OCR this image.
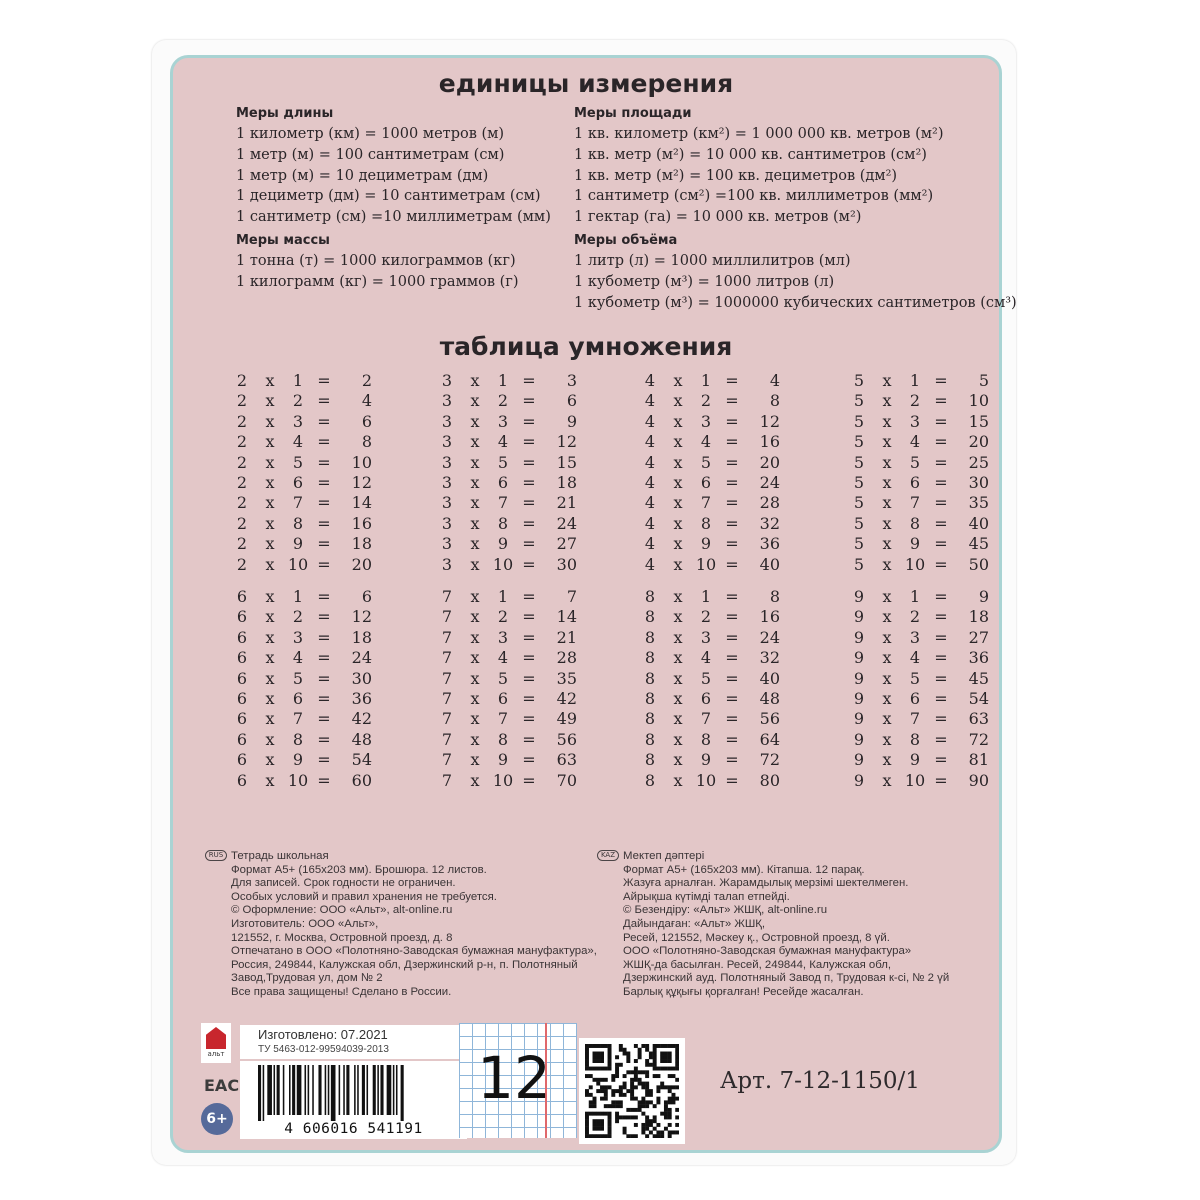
единицы измерения
Меры длины
1 километр (км) = 1000 метров (м)
1 метр (м) = 100 сантиметрам (см)
1 метр (м) = 10 дециметрам (дм)
1 дециметр (дм) = 10 сантиметрам (см)
1 сантиметр (см) =10 миллиметрам (мм)
Меры площади
1 кв. километр (км²) = 1 000 000 кв. метров (м²)
1 кв. метр (м²) = 10 000 кв. сантиметров (см²)
1 кв. метр (м²) = 100 кв. дециметров (дм²)
1 сантиметр (см²) =100 кв. миллиметров (мм²)
1 гектар (га) = 10 000 кв. метров (м²)
Меры массы
1 тонна (т) = 1000 килограммов (кг)
1 килограмм (кг) = 1000 граммов (г)
Меры объёма
1 литр (л) = 1000 миллилитров (мл)
1 кубометр (м³) = 1000 литров (л)
1 кубометр (м³) = 1000000 кубических сантиметров (см³)
таблица умножения
2 x	1 =	2
2 x	2 =	4
2 x	3 =	6
2 x	4 =	8
2 x	5 =	10
2 x	6 =	12
2 x	7 =	14
2 x	8 =	16
2 x	9 =	18
2 x 10 =	20
3 x	1 =	3
3 x	2 =	6
3 x	3 =	9
3 x	4 =	12
3 x	5 =	15
3 x	6 =	18
3 x	7 =	21
3 x	8 =	24
3 x	9 =	27
3 x 10 =	30
4 x	1 =	4
4 x	2 =	8
4 x	3 =	12
4 x	4 =	16
4 x	5 =	20
4 x	6 =	24
4 x	7 =	28
4 x	8 =	32
4 x	9 =	36
4 x 10 =	40
5 x	1 =	5
5 x	2 =	10
5 x	3 =	15
5 x	4 =	20
5 x	5 =	25
5 x	6 =	30
5 x	7 =	35
5 x	8 =	40
5 x	9 =	45
5 x 10 =	50
6 x	1 =	6
6 x	2 =	12
6 x	3 =	18
6 x	4 =	24
6 x	5 =	30
6 x	6 =	36
6 x	7 =	42
6 x	8 =	48
6 x	9 =	54
6 x 10 =	60
7 x	1 =	7
7 x	2 =	14
7 x	3 =	21
7 x	4 =	28
7 x	5 =	35
7 x	6 =	42
7 x	7 =	49
7 x	8 =	56
7 x	9 =	63
7 x 10 =	70
8 x	1 =	8
8 x	2 =	16
8 x	3 =	24
8 x	4 =	32
8 x	5 =	40
8 x	6 =	48
8 x	7 =	56
8 x	8 =	64
8 x	9 =	72
8 x 10 =	80
9 x	1 =	9
9 x	2 =	18
9 x	3 =	27
9 x	4 =	36
9 x	5 =	45
9 x	6 =	54
9 x	7 =	63
9 x	8 =	72
9 x	9 =	81
9 x 10 =	90
RUS Тетрадь школьная
Формат А5+ (165х203 мм). Брошюра. 12 листов.
Для записей. Срок годности не ограничен.
Особых условий и правил хранения не требуется.
© Оформление: ООО «Альт», alt-online.ru
Изготовитель: ООО «Альт»,
121552, г. Москва, Островной проезд, д. 8
Отпечатано в ООО «Полотняно-Заводская бумажная мануфактура»,
Россия, 249844, Калужская обл, Дзержинский р-н, п. Полотняный
Завод,Трудовая ул, дом № 2
Все права защищены! Сделано в России.
KAZ Мектеп дәптері
Формат А5+ (165х203 мм). Кітапша. 12 парақ.
Жазуға арналған. Жарамдылық мерзімі шектелмеген.
Айрықша күтімді талап етпейді.
© Безендіру: «Альт» ЖШҚ, alt-online.ru
Дайындаған: «Альт» ЖШҚ,
Ресей, 121552, Мәскеу қ., Островной проезд, 8 үй.
ООО «Полотняно-Заводская бумажная мануфактура»
ЖШҚ-да басылған. Ресей, 249844, Калужская обл,
Дзержинский ауд. Полотняный Завод п, Трудовая к-сі, № 2 үй
Барлық құқығы қорғалған! Ресейде жасалған.
альт
ЕАС
6+
Изготовлено: 07.2021
ТУ 5463-012-99594039-2013
4 606016 541191
12	Арт. 7-12-1150/1
